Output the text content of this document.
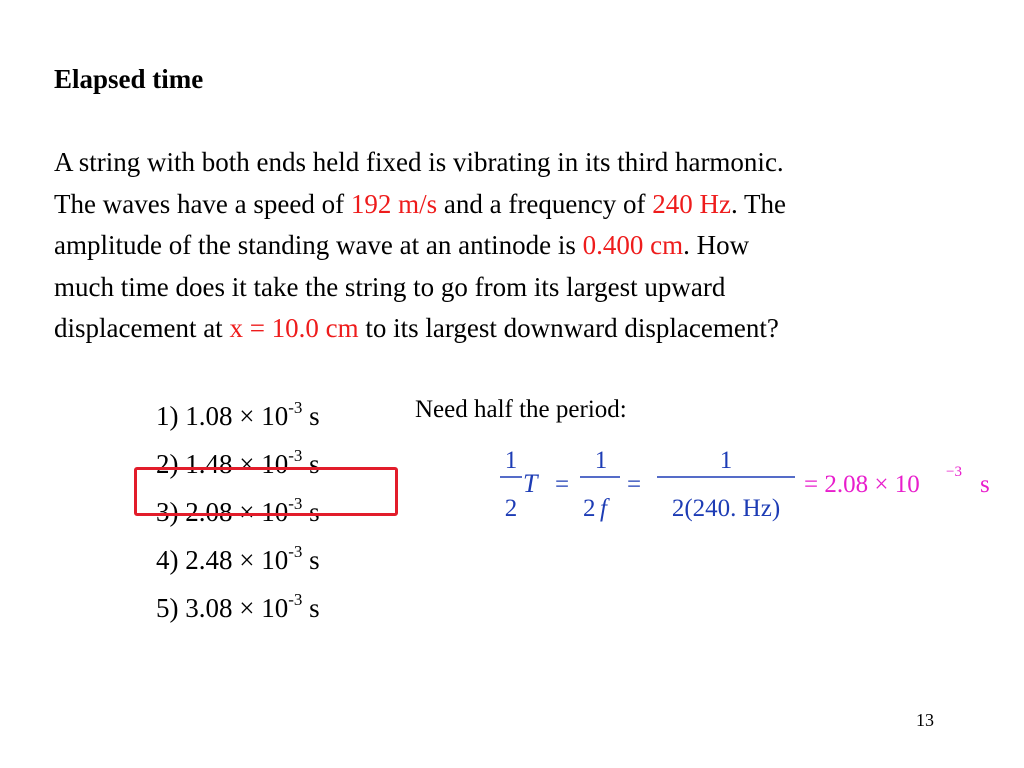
Elapsed time
A string with both ends held fixed is vibrating in its third harmonic.
The waves have a speed of 192 m/s and a frequency of 240 Hz. The
amplitude of the standing wave at an antinode is 0.400 cm. How
much time does it take the string to go from its largest upward
displacement at x = 10.0 cm to its largest downward displacement?
1) $1.08 \times 10^{-3}$ s
2) $1.48 \times 10^{-3}$ s
3) $2.08 \times 10^{-3}$ s
4) $2.48 \times 10^{-3}$ s
5) $3.08 \times 10^{-3}$ s
Need half the period:
1
2
T =
1
2 f
=
1
2(240. Hz)
= 2.08 × 10 −3 s
13
